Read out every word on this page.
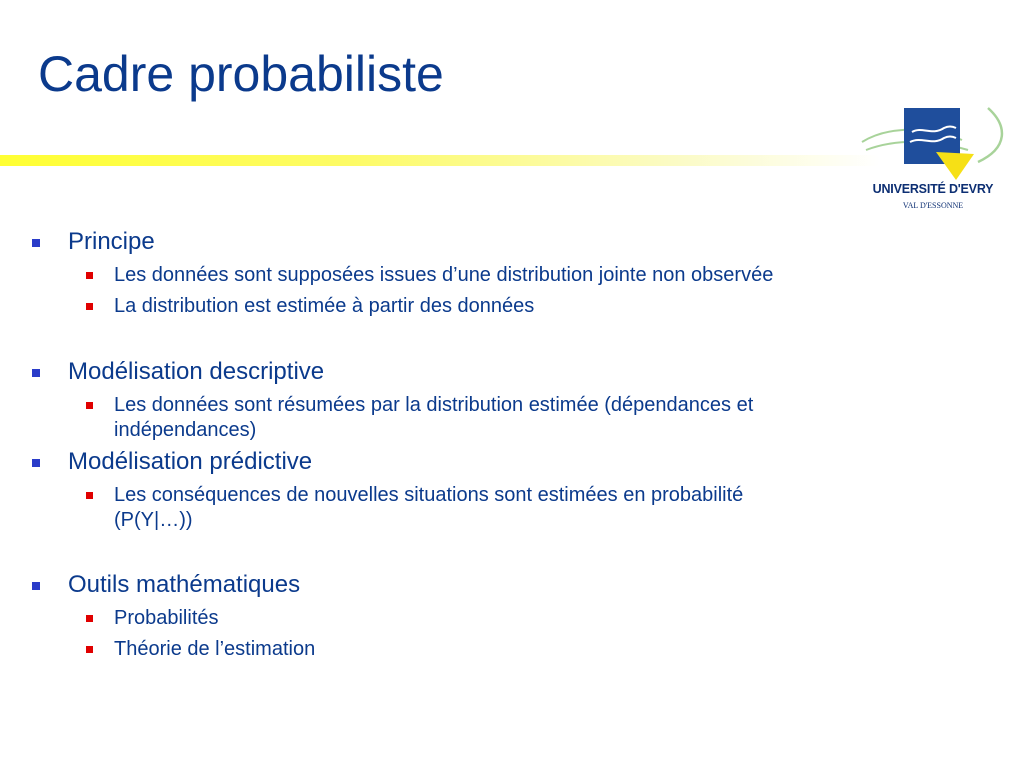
Cadre probabiliste
UNIVERSITÉ D'EVRY
VAL D'ESSONNE
Principe
Les données sont supposées issues d’une distribution jointe non observée
La distribution est estimée à partir des données
Modélisation descriptive
Les données sont résumées par la distribution estimée (dépendances et
indépendances)
Modélisation prédictive
Les conséquences de nouvelles situations sont estimées en probabilité
(P(Y|…))
Outils mathématiques
Probabilités
Théorie de l’estimation
